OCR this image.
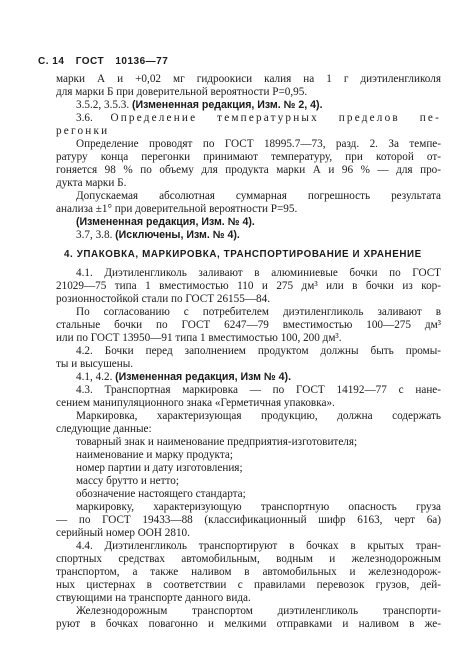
С. 14 ГОСТ 10136—77
марки А и +0,02 мг гидроокиси калия на 1 г диэтиленгликоля
для марки Б при доверительной вероятности P=0,95.
3.5.2, 3.5.3. (Измененная редакция, Изм. № 2, 4).
3.6. Определение температурных пределов пе-
регонки
Определение проводят по ГОСТ 18995.7—73, разд. 2. За темпе-
ратуру конца перегонки принимают температуру, при которой от-
гоняется 98 % по объему для продукта марки А и 96 % — для про-
дукта марки Б.
Допускаемая абсолютная суммарная погрешность результата
анализа ±1° при доверительной вероятности P=95.
(Измененная редакция, Изм. № 4).
3.7, 3.8. (Исключены, Изм. № 4).
4. УПАКОВКА, МАРКИРОВКА, ТРАНСПОРТИРОВАНИЕ И ХРАНЕНИЕ
4.1. Диэтиленгликоль заливают в алюминиевые бочки по ГОСТ
21029—75 типа 1 вместимостью 110 и 275 дм³ или в бочки из кор-
розионностойкой стали по ГОСТ 26155—84.
По согласованию с потребителем диэтиленгликоль заливают в
стальные бочки по ГОСТ 6247—79 вместимостью 100—275 дм³
или по ГОСТ 13950—91 типа 1 вместимостью 100, 200 дм³.
4.2. Бочки перед заполнением продуктом должны быть промы-
ты и высушены.
4.1, 4.2. (Измененная редакция, Изм № 4).
4.3. Транспортная маркировка — по ГОСТ 14192—77 с нане-
сением манипуляционного знака «Герметичная упаковка».
Маркировка, характеризующая продукцию, должна содержать
следующие данные:
товарный знак и наименование предприятия-изготовителя;
наименование и марку продукта;
номер партии и дату изготовления;
массу брутто и нетто;
обозначение настоящего стандарта;
маркировку, характеризующую транспортную опасность груза
— по ГОСТ 19433—88 (классификационный шифр 6163, черт 6а)
серийный номер ООН 2810.
4.4. Диэтиленгликоль транспортируют в бочках в крытых тран-
спортных средствах автомобильным, водным и железнодорожным
транспортом, а также наливом в автомобильных и железнодорож-
ных цистернах в соответствии с правилами перевозок грузов, дей-
ствующими на транспорте данного вида.
Железнодорожным транспортом диэтиленгликоль транспорти-
руют в бочках повагонно и мелкими отправками и наливом в же-
